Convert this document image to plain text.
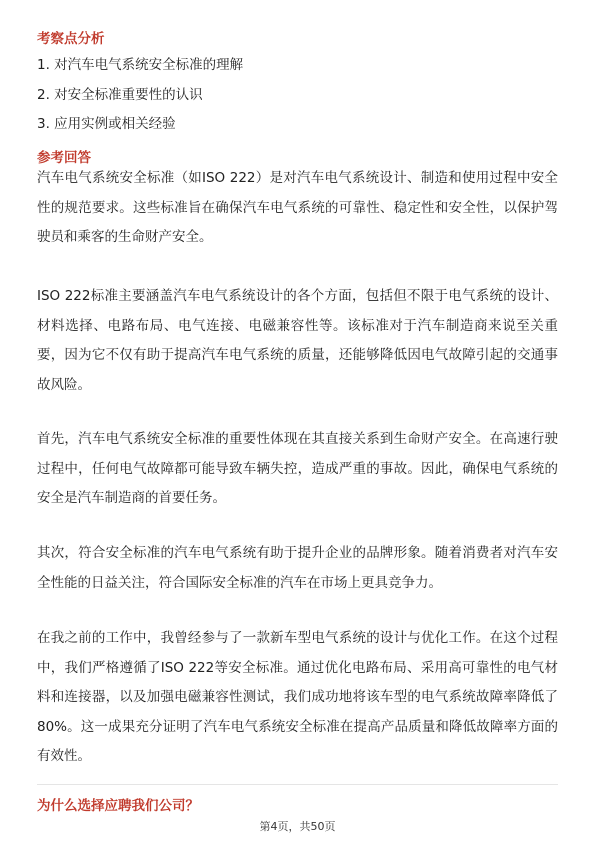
考察点分析
1. 对汽车电气系统安全标准的理解
2. 对安全标准重要性的认识
3. 应用实例或相关经验
参考回答
汽车电气系统安全标准（如ISO 222）是对汽车电气系统设计、制造和使用过程中安全性的规范要求。这些标准旨在确保汽车电气系统的可靠性、稳定性和安全性，以保护驾驶员和乘客的生命财产安全。
ISO 222标准主要涵盖汽车电气系统设计的各个方面，包括但不限于电气系统的设计、材料选择、电路布局、电气连接、电磁兼容性等。该标准对于汽车制造商来说至关重要，因为它不仅有助于提高汽车电气系统的质量，还能够降低因电气故障引起的交通事故风险。
首先，汽车电气系统安全标准的重要性体现在其直接关系到生命财产安全。在高速行驶过程中，任何电气故障都可能导致车辆失控，造成严重的事故。因此，确保电气系统的安全是汽车制造商的首要任务。
其次，符合安全标准的汽车电气系统有助于提升企业的品牌形象。随着消费者对汽车安全性能的日益关注，符合国际安全标准的汽车在市场上更具竞争力。
在我之前的工作中，我曾经参与了一款新车型电气系统的设计与优化工作。在这个过程中，我们严格遵循了ISO 222等安全标准。通过优化电路布局、采用高可靠性的电气材料和连接器，以及加强电磁兼容性测试，我们成功地将该车型的电气系统故障率降低了80%。这一成果充分证明了汽车电气系统安全标准在提高产品质量和降低故障率方面的有效性。
为什么选择应聘我们公司？
第4页，共50页
